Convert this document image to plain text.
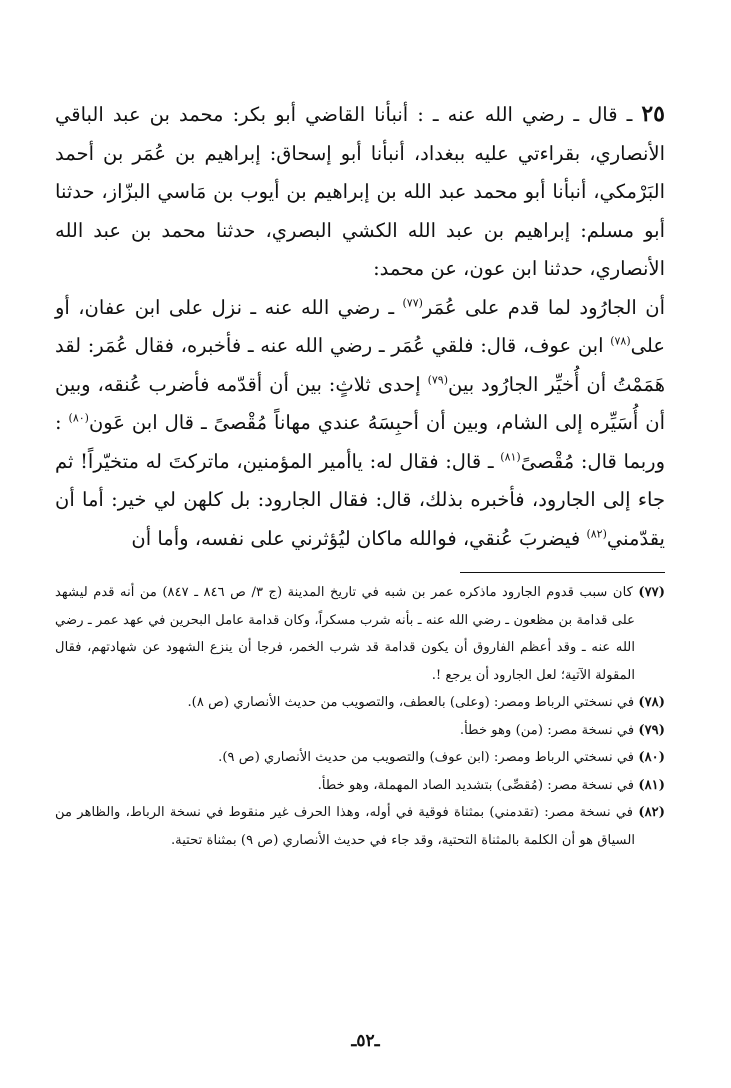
٢٥ ـ قال ـ رضي الله عنه ـ : أنبأنا القاضي أبو بكر: محمد بن عبد الباقي الأنصاري، بقراءتي عليه ببغداد، أنبأنا أبو إسحاق: إبراهيم بن عُمَر بن أحمد البَرْمكي، أنبأنا أبو محمد عبد الله بن إبراهيم بن أيوب بن مَاسي البزّاز، حدثنا أبو مسلم: إبراهيم بن عبد الله الكشي البصري، حدثنا محمد بن عبد الله الأنصاري، حدثنا ابن عون، عن محمد:

أن الجارُود لما قدم على عُمَر$^{(٧٧)}$ ـ رضي الله عنه ـ نزل على ابن عفان، أو على$^{(٧٨)}$ ابن عوف، قال: فلقي عُمَر ـ رضي الله عنه ـ فأخبره، فقال عُمَر: لقد هَمَمْتُ أن أُخيِّر الجارُود بين$^{(٧٩)}$ إحدى ثلاثٍ: بين أن أقدّمه فأضرب عُنقه، وبين أن أُسَيِّره إلى الشام، وبين أن أحبِسَهُ عندي مهاناً مُقْصىً ـ قال ابن عَون$^{(٨٠)}$ : وربما قال: مُقْصىً$^{(٨١)}$ ـ قال: فقال له: ياأمير المؤمنين، ماتركتَ له متخيّراً! ثم جاء إلى الجارود، فأخبره بذلك، قال: فقال الجارود: بل كلهن لي خير: أما أن يقدّمني$^{(٨٢)}$ فيضربَ عُنقي، فوالله ماكان ليُؤثرني على نفسه، وأما أن

(٧٧) كان سبب قدوم الجارود ماذكره عمر بن شبه في تاريخ المدينة (ج ٣/ ص ٨٤٦ ـ ٨٤٧) من أنه قدم ليشهد على قدامة بن مظعون ـ رضي الله عنه ـ بأنه شرب مسكراً، وكان قدامة عامل البحرين في عهد عمر ـ رضي الله عنه ـ وقد أعظم الفاروق أن يكون قدامة قد شرب الخمر، فرجا أن ينزع الشهود عن شهادتهم، فقال المقولة الآتية؛ لعل الجارود أن يرجع !.

(٧٨) في نسختي الرباط ومصر: (وعلى) بالعطف، والتصويب من حديث الأنصاري (ص ٨).

(٧٩) في نسخة مصر: (من) وهو خطأ.

(٨٠) في نسختي الرباط ومصر: (ابن عوف) والتصويب من حديث الأنصاري (ص ٩).

(٨١) في نسخة مصر: (مُقصِّى) بتشديد الصاد المهملة، وهو خطأ.

(٨٢) في نسخة مصر: (تقدمني) بمثناة فوقية في أوله، وهذا الحرف غير منقوط في نسخة الرباط، والظاهر من السياق هو أن الكلمة بالمثناة التحتية، وقد جاء في حديث الأنصاري (ص ٩) بمثناة تحتية.

ـ٥٢ـ
